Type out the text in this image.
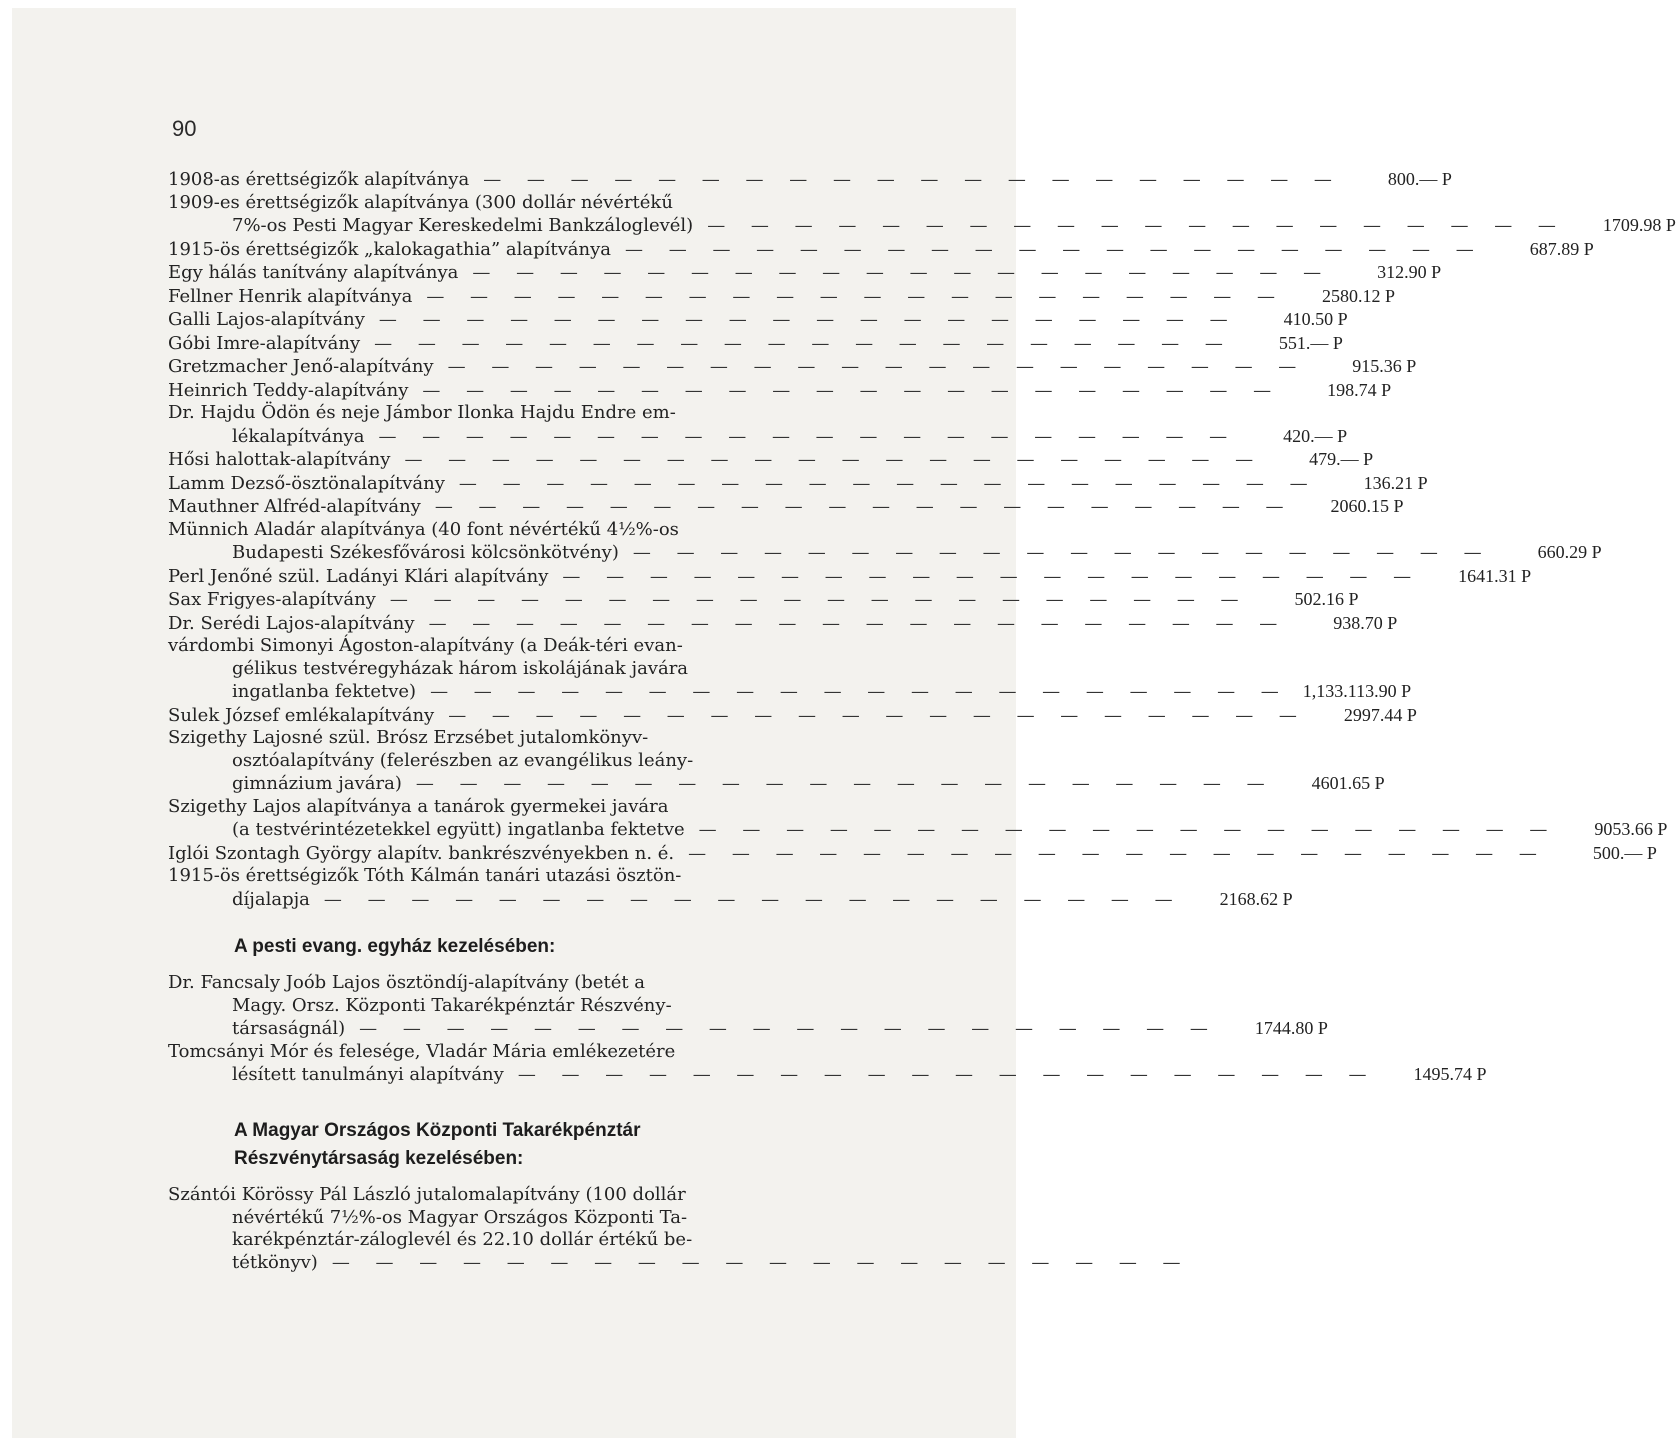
90
1908-as érettségizők alapítványa — — — — — — — — — — — — — — — — — — — —	800.— P
1909-es érettségizők alapítványa (300 dollár névértékű
7%-os Pesti Magyar Kereskedelmi Bankzáloglevél) — — — — — — — — — — — — — — — — — — — —	1709.98 P
1915-ös érettségizők „kalokagathia” alapítványa — — — — — — — — — — — — — — — — — — — —	687.89 P
Egy hálás tanítvány alapítványa — — — — — — — — — — — — — — — — — — — —	312.90 P
Fellner Henrik alapítványa — — — — — — — — — — — — — — — — — — — —	2580.12 P
Galli Lajos-alapítvány — — — — — — — — — — — — — — — — — — — —	410.50 P
Góbi Imre-alapítvány — — — — — — — — — — — — — — — — — — — —	551.— P
Gretzmacher Jenő-alapítvány — — — — — — — — — — — — — — — — — — — —	915.36 P
Heinrich Teddy-alapítvány — — — — — — — — — — — — — — — — — — — —	198.74 P
Dr. Hajdu Ödön és neje Jámbor Ilonka Hajdu Endre em-
lékalapítványa — — — — — — — — — — — — — — — — — — — —	420.— P
Hősi halottak-alapítvány — — — — — — — — — — — — — — — — — — — —	479.— P
Lamm Dezső-ösztönalapítvány — — — — — — — — — — — — — — — — — — — —	136.21 P
Mauthner Alfréd-alapítvány — — — — — — — — — — — — — — — — — — — —	2060.15 P
Münnich Aladár alapítványa (40 font névértékű 4½%-os
Budapesti Székesfővárosi kölcsönkötvény) — — — — — — — — — — — — — — — — — — — —	660.29 P
Perl Jenőné szül. Ladányi Klári alapítvány — — — — — — — — — — — — — — — — — — — —	1641.31 P
Sax Frigyes-alapítvány — — — — — — — — — — — — — — — — — — — —	502.16 P
Dr. Serédi Lajos-alapítvány — — — — — — — — — — — — — — — — — — — —	938.70 P
várdombi Simonyi Ágoston-alapítvány (a Deák-téri evan-
gélikus testvéregyházak három iskolájának javára
ingatlanba fektetve) — — — — — — — — — — — — — — — — — — — — 1,133.113.90 P
Sulek József emlékalapítvány — — — — — — — — — — — — — — — — — — — —	2997.44 P
Szigethy Lajosné szül. Brósz Erzsébet jutalomkönyv-
osztóalapítvány (felerészben az evangélikus leány-
gimnázium javára) — — — — — — — — — — — — — — — — — — — —	4601.65 P
Szigethy Lajos alapítványa a tanárok gyermekei javára
(a testvérintézetekkel együtt) ingatlanba fektetve — — — — — — — — — — — — — — — — — — — —	9053.66 P
Iglói Szontagh György alapítv. bankrészvényekben n. é. — — — — — — — — — — — — — — — — — — — —	500.— P
1915-ös érettségizők Tóth Kálmán tanári utazási ösztön-
díjalapja — — — — — — — — — — — — — — — — — — — —	2168.62 P
A pesti evang. egyház kezelésében:
Dr. Fancsaly Joób Lajos ösztöndíj-alapítvány (betét a
Magy. Orsz. Központi Takarékpénztár Részvény-
társaságnál) — — — — — — — — — — — — — — — — — — — —	1744.80 P
Tomcsányi Mór és felesége, Vladár Mária emlékezetére
lésített tanulmányi alapítvány — — — — — — — — — — — — — — — — — — — —	1495.74 P
A Magyar Országos Központi Takarékpénztár
Részvénytársaság kezelésében:
Szántói Körössy Pál László jutalomalapítvány (100 dollár
névértékű 7½%-os Magyar Országos Központi Ta-
karékpénztár-záloglevél és 22.10 dollár értékű be-
tétkönyv) — — — — — — — — — — — — — — — — — — — —
